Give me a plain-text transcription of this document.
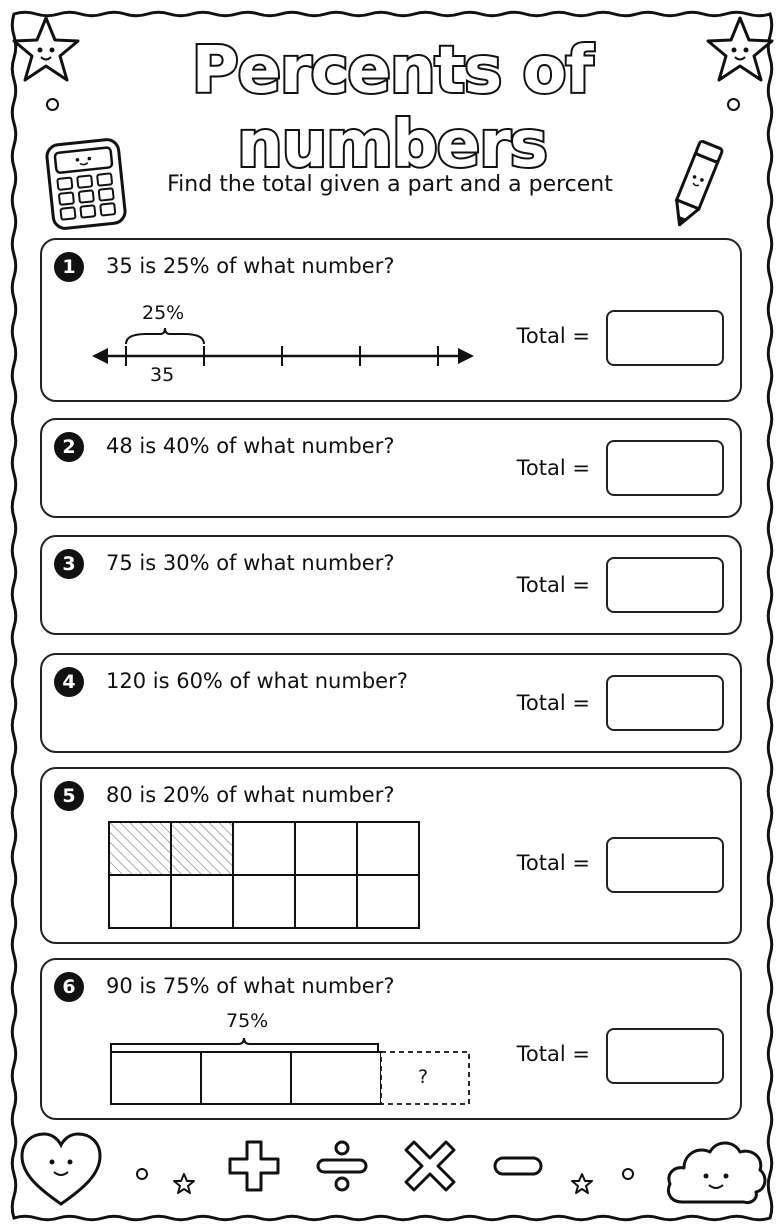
Percents of numbers
Find the total given a part and a percent
1	35 is 25% of what number?
25%
35
Total =
2	48 is 40% of what number?
Total =
3	75 is 30% of what number?
Total =
4	120 is 60% of what number?
Total =
5	80 is 20% of what number?
Total =
6	90 is 75% of what number?
75%
?
Total =
